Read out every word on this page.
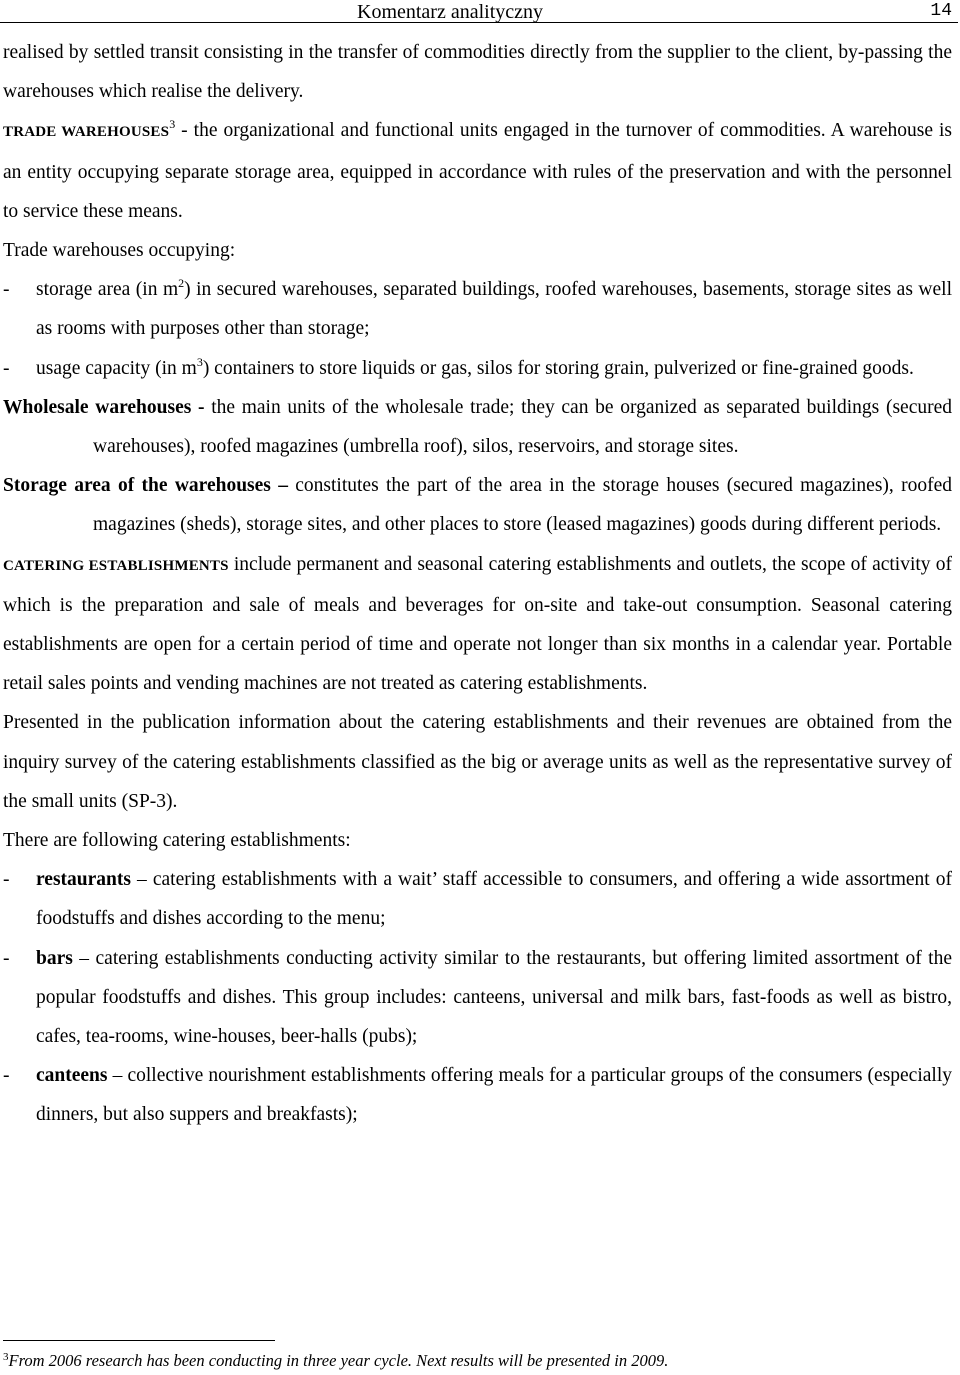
Komentarz analityczny	14

realised by settled transit consisting in the transfer of commodities directly from the supplier to the client, by-passing the warehouses which realise the delivery.

TRADE WAREHOUSES$^3$ - the organizational and functional units engaged in the turnover of commodities. A warehouse is an entity occupying separate storage area, equipped in accordance with rules of the preservation and with the personnel to service these means.

Trade warehouses occupying:

- storage area (in $m^2$) in secured warehouses, separated buildings, roofed warehouses, basements, storage sites as well as rooms with purposes other than storage;

- usage capacity (in $m^3$) containers to store liquids or gas, silos for storing grain, pulverized or fine-grained goods.

Wholesale warehouses - the main units of the wholesale trade; they can be organized as separated buildings (secured warehouses), roofed magazines (umbrella roof), silos, reservoirs, and storage sites.

Storage area of the warehouses – constitutes the part of the area in the storage houses (secured magazines), roofed magazines (sheds), storage sites, and other places to store (leased magazines) goods during different periods.

CATERING ESTABLISHMENTS include permanent and seasonal catering establishments and outlets, the scope of activity of which is the preparation and sale of meals and beverages for on-site and take-out consumption. Seasonal catering establishments are open for a certain period of time and operate not longer than six months in a calendar year. Portable retail sales points and vending machines are not treated as catering establishments.

Presented in the publication information about the catering establishments and their revenues are obtained from the inquiry survey of the catering establishments classified as the big or average units as well as the representative survey of the small units (SP-3).

There are following catering establishments:

- restaurants – catering establishments with a wait’ staff accessible to consumers, and offering a wide assortment of foodstuffs and dishes according to the menu;

- bars – catering establishments conducting activity similar to the restaurants, but offering limited assortment of the popular foodstuffs and dishes. This group includes: canteens, universal and milk bars, fast-foods as well as bistro, cafes, tea-rooms, wine-houses, beer-halls (pubs);

- canteens – collective nourishment establishments offering meals for a particular groups of the consumers (especially dinners, but also suppers and breakfasts);

$^3$From 2006 research has been conducting in three year cycle. Next results will be presented in 2009.
